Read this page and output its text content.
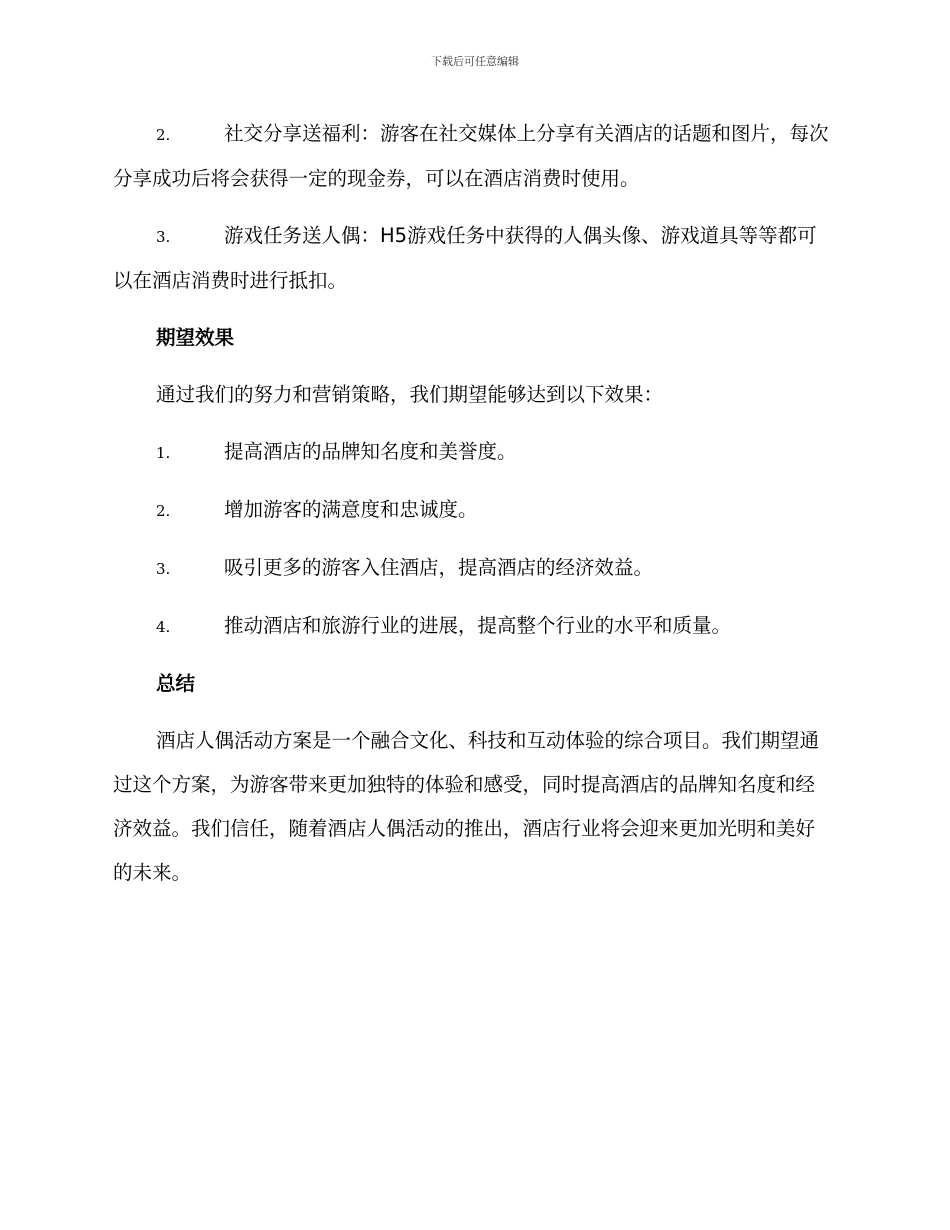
下载后可任意编辑
2.	社交分享送福利：游客在社交媒体上分享有关酒店的话题和图片，每次分享成功后将会获得一定的现金券，可以在酒店消费时使用。
3.	游戏任务送人偶：H5游戏任务中获得的人偶头像、游戏道具等等都可以在酒店消费时进行抵扣。
期望效果
通过我们的努力和营销策略，我们期望能够达到以下效果：
1.	提高酒店的品牌知名度和美誉度。
2.	增加游客的满意度和忠诚度。
3.	吸引更多的游客入住酒店，提高酒店的经济效益。
4.	推动酒店和旅游行业的进展，提高整个行业的水平和质量。
总结
酒店人偶活动方案是一个融合文化、科技和互动体验的综合项目。我们期望通过这个方案，为游客带来更加独特的体验和感受，同时提高酒店的品牌知名度和经济效益。我们信任，随着酒店人偶活动的推出，酒店行业将会迎来更加光明和美好的未来。
